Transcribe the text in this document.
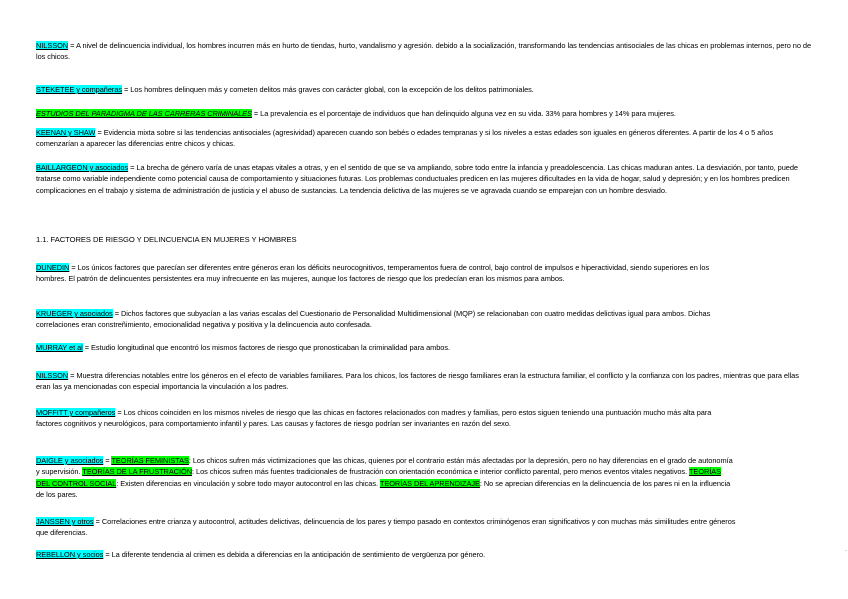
NILSSON = A nivel de delincuencia individual, los hombres incurren más en hurto de tiendas, hurto, vandalismo y agresión. debido a la socialización, transformando las tendencias antisociales de las chicas en problemas internos, pero no de los chicos.

STEKETEE y compañeras = Los hombres delinquen más y cometen delitos más graves con carácter global, con la excepción de los delitos patrimoniales.

ESTUDIOS DEL PARADIGMA DE LAS CARRERAS CRIMINALES = La prevalencia es el porcentaje de individuos que han delinquido alguna vez en su vida. 33% para hombres y 14% para mujeres.

KEENAN y SHAW = Evidencia mixta sobre si las tendencias antisociales (agresividad) aparecen cuando son bebés o edades tempranas y si los niveles a estas edades son iguales en géneros diferentes. A partir de los 4 o 5 años comenzarían a aparecer las diferencias entre chicos y chicas.

BAILLARGEON y asociados = La brecha de género varía de unas etapas vitales a otras, y en el sentido de que se va ampliando, sobre todo entre la infancia y preadolescencia. Las chicas maduran antes. La desviación, por tanto, puede tratarse como variable independiente como potencial causa de comportamiento y situaciones futuras. Los problemas conductuales predicen en las mujeres dificultades en la vida de hogar, salud y depresión; y en los hombres predicen complicaciones en el trabajo y sistema de administración de justicia y el abuso de sustancias. La tendencia delictiva de las mujeres se ve agravada cuando se emparejan con un hombre desviado.

1.1. FACTORES DE RIESGO Y DELINCUENCIA EN MUJERES Y HOMBRES

DUNEDIN = Los únicos factores que parecían ser diferentes entre géneros eran los déficits neurocognitivos, temperamentos fuera de control, bajo control de impulsos e hiperactividad, siendo superiores en los hombres. El patrón de delincuentes persistentes era muy infrecuente en las mujeres, aunque los factores de riesgo que los predecían eran los mismos para ambos.

KRUEGER y asociados = Dichos factores que subyacían a las varias escalas del Cuestionario de Personalidad Multidimensional (MQP) se relacionaban con cuatro medidas delictivas igual para ambos. Dichas correlaciones eran constreñimiento, emocionalidad negativa y positiva y la delincuencia auto confesada.

MURRAY et al = Estudio longitudinal que encontró los mismos factores de riesgo que pronosticaban la criminalidad para ambos.

NILSSON = Muestra diferencias notables entre los géneros en el efecto de variables familiares. Para los chicos, los factores de riesgo familiares eran la estructura familiar, el conflicto y la confianza con los padres, mientras que para ellas eran las ya mencionadas con especial importancia la vinculación a los padres.

MOFFITT y compañeros = Los chicos coinciden en los mismos niveles de riesgo que las chicas en factores relacionados con madres y familias, pero estos siguen teniendo una puntuación mucho más alta para factores cognitivos y neurológicos, para comportamiento infantil y pares. Las causas y factores de riesgo podrían ser invariantes en razón del sexo.

DAIGLE y asociados = TEORÍAS FEMINISTAS: Los chicos sufren más victimizaciones que las chicas, quienes por el contrario están más afectadas por la depresión, pero no hay diferencias en el grado de autonomía y supervisión. TEORÍAS DE LA FRUSTRACIÓN: Los chicos sufren más fuentes tradicionales de frustración con orientación económica e interior conflicto parental, pero menos eventos vitales negativos. TEORÍAS DEL CONTROL SOCIAL: Existen diferencias en vinculación y sobre todo mayor autocontrol en las chicas. TEORÍAS DEL APRENDIZAJE: No se aprecian diferencias en la delincuencia de los pares ni en la influencia de los pares.

JANSSEN y otros = Correlaciones entre crianza y autocontrol, actitudes delictivas, delincuencia de los pares y tiempo pasado en contextos criminógenos eran significativos y con muchas más similitudes entre géneros que diferencias.

REBELLON y socios = La diferente tendencia al crimen es debida a diferencias en la anticipación de sentimiento de vergüenza por género.	`
